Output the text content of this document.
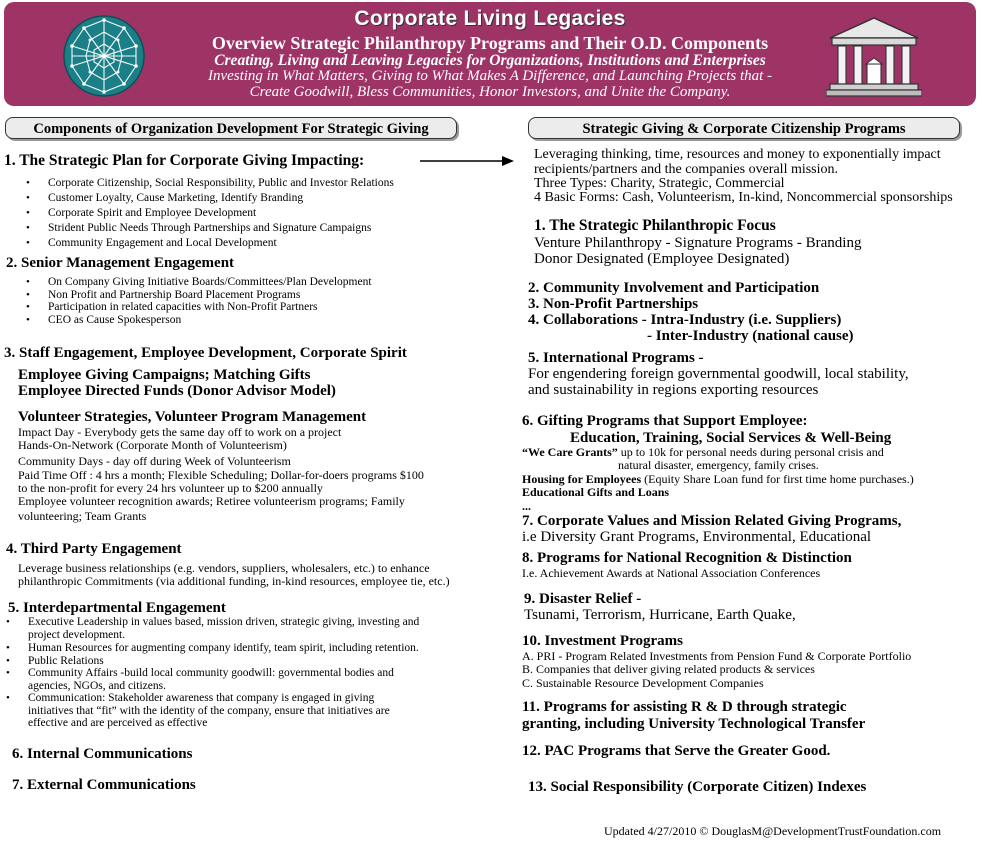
Corporate Living Legacies
Overview Strategic Philanthropy Programs and Their O.D. Components
Creating, Living and Leaving Legacies for Organizations, Institutions and Enterprises
Investing in What Matters, Giving to What Makes A Difference, and Launching Projects that -
Create Goodwill, Bless Communities, Honor Investors, and Unite the Company.
Components of Organization Development For Strategic Giving
1. The Strategic Plan for Corporate Giving Impacting:
• Corporate Citizenship, Social Responsibility, Public and Investor Relations
• Customer Loyalty, Cause Marketing, Identify Branding
• Corporate Spirit and Employee Development
• Strident Public Needs Through Partnerships and Signature Campaigns
• Community Engagement and Local Development
2. Senior Management Engagement
• On Company Giving Initiative Boards/Committees/Plan Development
• Non Profit and Partnership Board Placement Programs
• Participation in related capacities with Non-Profit Partners
• CEO as Cause Spokesperson
3. Staff Engagement, Employee Development, Corporate Spirit
Employee Giving Campaigns; Matching Gifts
Employee Directed Funds (Donor Advisor Model)
Volunteer Strategies, Volunteer Program Management
Impact Day - Everybody gets the same day off to work on a project
Hands-On-Network (Corporate Month of Volunteerism)
Community Days - day off during Week of Volunteerism
Paid Time Off : 4 hrs a month; Flexible Scheduling; Dollar-for-doers programs $100
to the non-profit for every 24 hrs volunteer up to $200 annually
Employee volunteer recognition awards; Retiree volunteerism programs; Family
volunteering; Team Grants
4. Third Party Engagement
Leverage business relationships (e.g. vendors, suppliers, wholesalers, etc.) to enhance
philanthropic Commitments (via additional funding, in-kind resources, employee tie, etc.)
5. Interdepartmental Engagement
• Executive Leadership in values based, mission driven, strategic giving, investing and
project development.
• Human Resources for augmenting company identify, team spirit, including retention.
• Public Relations
• Community Affairs -build local community goodwill: governmental bodies and
agencies, NGOs, and citizens.
• Communication: Stakeholder awareness that company is engaged in giving
initiatives that “fit” with the identity of the company, ensure that initiatives are
effective and are perceived as effective
6. Internal Communications
7. External Communications
Strategic Giving & Corporate Citizenship Programs
Leveraging thinking, time, resources and money to exponentially impact
recipients/partners and the companies overall mission.
Three Types: Charity, Strategic, Commercial
4 Basic Forms: Cash, Volunteerism, In-kind, Noncommercial sponsorships
1. The Strategic Philanthropic Focus
Venture Philanthropy - Signature Programs - Branding
Donor Designated (Employee Designated)
2. Community Involvement and Participation
3. Non-Profit Partnerships
4. Collaborations - Intra-Industry (i.e. Suppliers)
- Inter-Industry (national cause)
5. International Programs -
For engendering foreign governmental goodwill, local stability,
and sustainability in regions exporting resources
6. Gifting Programs that Support Employee:
Education, Training, Social Services & Well-Being
“We Care Grants” up to 10k for personal needs during personal crisis and
natural disaster, emergency, family crises.
Housing for Employees (Equity Share Loan fund for first time home purchases.)
Educational Gifts and Loans
...
7. Corporate Values and Mission Related Giving Programs,
i.e Diversity Grant Programs, Environmental, Educational
8. Programs for National Recognition & Distinction
I.e. Achievement Awards at National Association Conferences
9. Disaster Relief -
Tsunami, Terrorism, Hurricane, Earth Quake,
10. Investment Programs
A. PRI - Program Related Investments from Pension Fund & Corporate Portfolio
B. Companies that deliver giving related products & services
C. Sustainable Resource Development Companies
11. Programs for assisting R & D through strategic
granting, including University Technological Transfer
12. PAC Programs that Serve the Greater Good.
13. Social Responsibility (Corporate Citizen) Indexes
Updated 4/27/2010 © DouglasM@DevelopmentTrustFoundation.com
